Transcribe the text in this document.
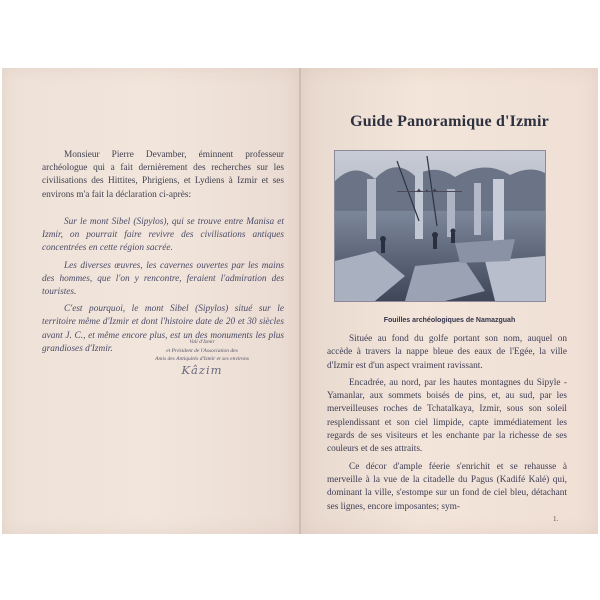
Monsieur Pierre Devamber, éminnent professeur archéologue qui a fait dernièrement des recherches sur les civilisations des Hittites, Phrigiens, et Lydiens à Izmir et ses environs m'a fait la déclaration ci-après:

Sur le mont Sibel (Sipylos), qui se trouve entre Manisa et Izmir, on pourrait faire revivre des civilisations antiques concentrées en cette région sacrée.

Les diverses œuvres, les cavernes ouvertes par les mains des hommes, que l'on y rencontre, feraient l'admiration des touristes.

C'est pourquoi, le mont Sibel (Sipylos) situé sur le territoire même d'Izmir et dont l'histoire date de 20 et 30 siècles avant J. C., et même encore plus, est un des monuments les plus grandioses d'Izmir.

Vali d'Izmir
et Président de l'Association des
Amis des Antiquités d'Izmir et ses environs
Kâzim
Fouilles archéologiques de Namazguah

Située au fond du golfe portant son nom, auquel on accède à travers la nappe bleue des eaux de l'Egée, la ville d'Izmir est d'un aspect vraiment ravissant.

Encadrée, au nord, par les hautes montagnes du Sipyle - Yamanlar, aux sommets boisés de pins, et, au sud, par les merveilleuses roches de Tchatalkaya, Izmir, sous son soleil resplendissant et son ciel limpide, capte immédiatement les regards de ses visiteurs et les enchante par la richesse de ses couleurs et de ses attraits.

Ce décor d'ample féerie s'enrichit et se rehausse à merveille à la vue de la citadelle du Pagus (Kadifé Kalé) qui, dominant la ville, s'estompe sur un fond de ciel bleu, détachant ses lignes, encore imposantes; sym-

1.
Guide Panoramique d'Izmir
✦ • ✦
